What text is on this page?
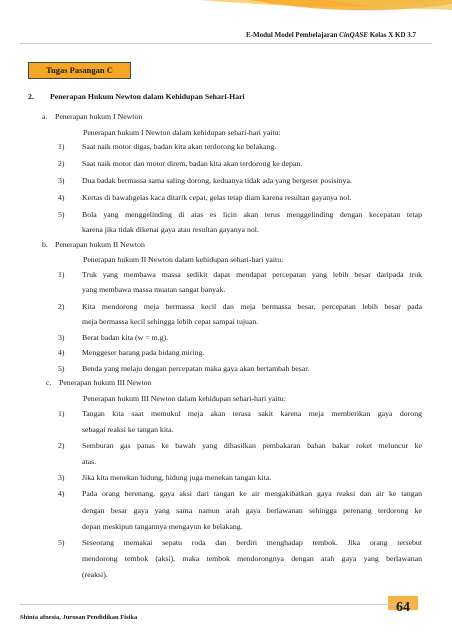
E-Modul Model Pembelajaran CinQASE Kelas X KD 3.7
Tugas Pasangan C
2. Penerapan Hukum Newton dalam Kehidupan Sehari-Hari
a. Penerapan hukum I Newton
Penerapan hukum I Newton dalam kehidupan sehari-hari yaitu:
1) Saat naik motor digas, badan kita akan terdorong ke belakang.
2) Saat naik motor dan motor direm, badan kita akan terdorong ke depan.
3) Dua badak bermassa sama saling dorong, keduanya tidak ada yang bergeser posisinya.
4) Kertas di bawahgelas kaca ditarik cepat, gelas tetap diam karena resultan gayanya nol.
5) Bola yang menggelinding di atas es licin akan terus menggelinding dengan kecepatan tetap
karena jika tidak dikenai gaya atau resultan gayanya nol.
b. Penerapan hukum II Newton
Penerapan hukum II Newton dalam kehidupan sehari-hari yaitu:
1) Truk yang membawa massa sedikit dapat mendapat percepatan yang lebih besar daripada truk
yang membawa massa muatan sangat banyak.
2) Kita mendorong meja bermassa kecil dan meja bermassa besar, percepatan lebih besar pada
meja bermassa kecil sehingga lebih cepat sampai tujuan.
3) Berat badan kita (w = m.g).
4) Menggeser barang pada bidang miring.
5) Benda yang melaju dengan percepatan maka gaya akan bertambah besar.
c. Penerapan hukum III Newton
Penerapan hukum III Newton dalam kehidupan sehari-hari yaitu:
1) Tangan kita saat memukul meja akan terasa sakit karena meja memberikan gaya dorong
sebagai reaksi ke tangan kita.
2) Semburan gas panas ke bawah yang dihasilkan pembakaran bahan bakar roket meluncur ke
atas.
3) Jika kita menekan hidung, hidung juga menekan tangan kita.
4) Pada orang berenang, gaya aksi dari tangan ke air mengakibatkan gaya reaksi dan air ke tangan
dengan besar gaya yang sama namun arah gaya berlawanan sehingga perenang terdorong ke
depan meskipun tangannya mengayun ke belakang.
5) Seseorang memakai sepatu roda dan berdiri menghadap tembok. Jika orang tersebut
mendorong tembok (aksi), maka tembok mendorongnya dengan arah gaya yang berlawanan
(reaksi).
Shinta afnesia, Jurusan Pendidikan Fisika
64
